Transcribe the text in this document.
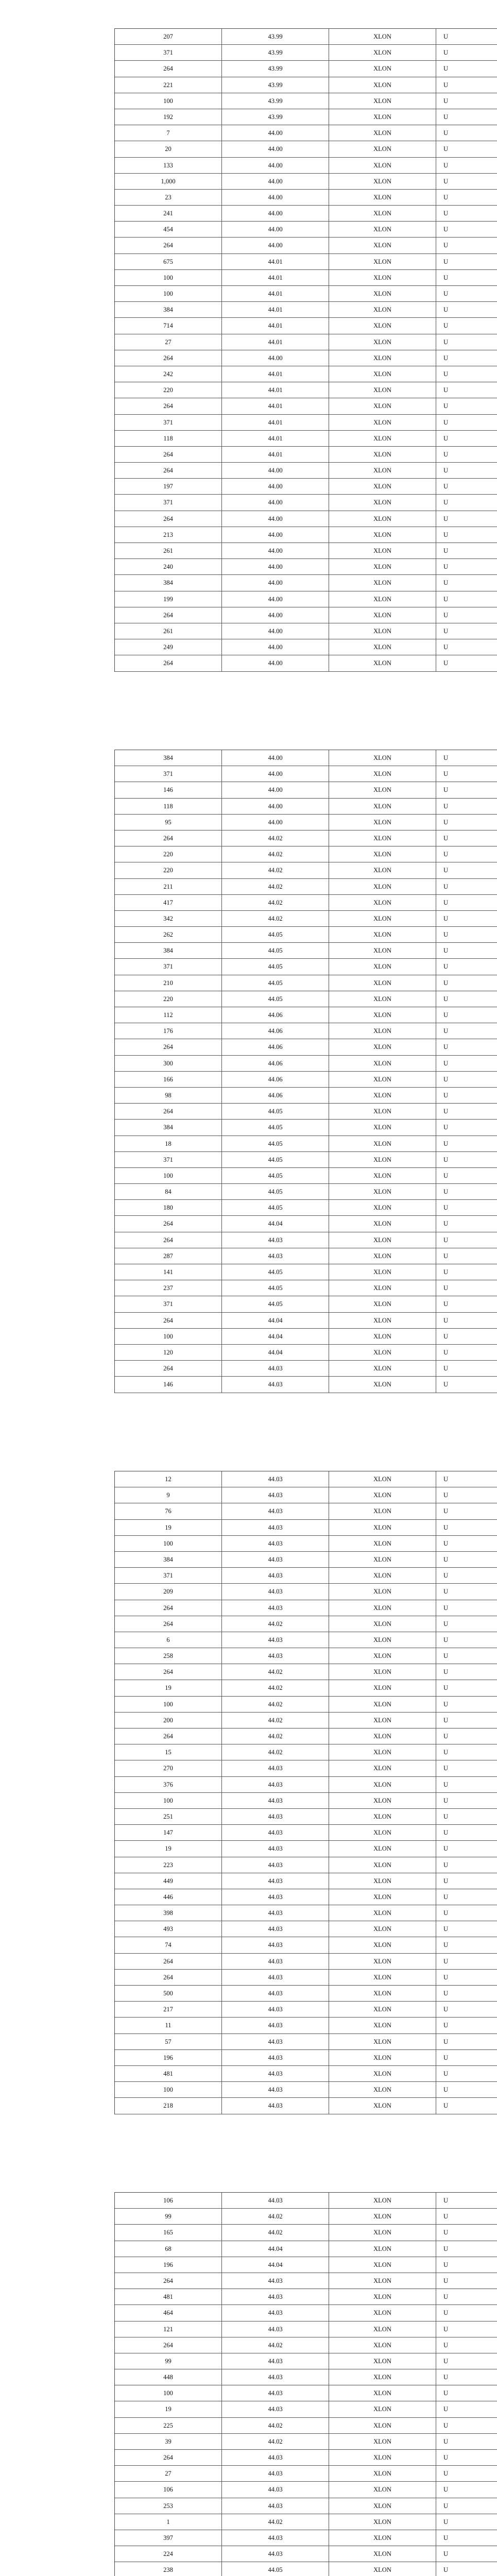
207	43.99	XLON	U
371	43.99	XLON	U
264	43.99	XLON	U
221	43.99	XLON	U
100	43.99	XLON	U
192	43.99	XLON	U
7	44.00	XLON	U
20	44.00	XLON	U
133	44.00	XLON	U
1,000	44.00	XLON	U
23	44.00	XLON	U
241	44.00	XLON	U
454	44.00	XLON	U
264	44.00	XLON	U
675	44.01	XLON	U
100	44.01	XLON	U
100	44.01	XLON	U
384	44.01	XLON	U
714	44.01	XLON	U
27	44.01	XLON	U
264	44.00	XLON	U
242	44.01	XLON	U
220	44.01	XLON	U
264	44.01	XLON	U
371	44.01	XLON	U
118	44.01	XLON	U
264	44.01	XLON	U
264	44.00	XLON	U
197	44.00	XLON	U
371	44.00	XLON	U
264	44.00	XLON	U
213	44.00	XLON	U
261	44.00	XLON	U
240	44.00	XLON	U
384	44.00	XLON	U
199	44.00	XLON	U
264	44.00	XLON	U
261	44.00	XLON	U
249	44.00	XLON	U
264	44.00	XLON	U
384	44.00	XLON	U
371	44.00	XLON	U
146	44.00	XLON	U
118	44.00	XLON	U
95	44.00	XLON	U
264	44.02	XLON	U
220	44.02	XLON	U
220	44.02	XLON	U
211	44.02	XLON	U
417	44.02	XLON	U
342	44.02	XLON	U
262	44.05	XLON	U
384	44.05	XLON	U
371	44.05	XLON	U
210	44.05	XLON	U
220	44.05	XLON	U
112	44.06	XLON	U
176	44.06	XLON	U
264	44.06	XLON	U
300	44.06	XLON	U
166	44.06	XLON	U
98	44.06	XLON	U
264	44.05	XLON	U
384	44.05	XLON	U
18	44.05	XLON	U
371	44.05	XLON	U
100	44.05	XLON	U
84	44.05	XLON	U
180	44.05	XLON	U
264	44.04	XLON	U
264	44.03	XLON	U
287	44.03	XLON	U
141	44.05	XLON	U
237	44.05	XLON	U
371	44.05	XLON	U
264	44.04	XLON	U
100	44.04	XLON	U
120	44.04	XLON	U
264	44.03	XLON	U
146	44.03	XLON	U
12	44.03	XLON	U
9	44.03	XLON	U
76	44.03	XLON	U
19	44.03	XLON	U
100	44.03	XLON	U
384	44.03	XLON	U
371	44.03	XLON	U
209	44.03	XLON	U
264	44.03	XLON	U
264	44.02	XLON	U
6	44.03	XLON	U
258	44.03	XLON	U
264	44.02	XLON	U
19	44.02	XLON	U
100	44.02	XLON	U
200	44.02	XLON	U
264	44.02	XLON	U
15	44.02	XLON	U
270	44.03	XLON	U
376	44.03	XLON	U
100	44.03	XLON	U
251	44.03	XLON	U
147	44.03	XLON	U
19	44.03	XLON	U
223	44.03	XLON	U
449	44.03	XLON	U
446	44.03	XLON	U
398	44.03	XLON	U
493	44.03	XLON	U
74	44.03	XLON	U
264	44.03	XLON	U
264	44.03	XLON	U
500	44.03	XLON	U
217	44.03	XLON	U
11	44.03	XLON	U
57	44.03	XLON	U
196	44.03	XLON	U
481	44.03	XLON	U
100	44.03	XLON	U
218	44.03	XLON	U
106	44.03	XLON	U
99	44.02	XLON	U
165	44.02	XLON	U
68	44.04	XLON	U
196	44.04	XLON	U
264	44.03	XLON	U
481	44.03	XLON	U
464	44.03	XLON	U
121	44.03	XLON	U
264	44.02	XLON	U
99	44.03	XLON	U
448	44.03	XLON	U
100	44.03	XLON	U
19	44.03	XLON	U
225	44.02	XLON	U
39	44.02	XLON	U
264	44.03	XLON	U
27	44.03	XLON	U
106	44.03	XLON	U
253	44.03	XLON	U
1	44.02	XLON	U
397	44.03	XLON	U
224	44.03	XLON	U
238	44.05	XLON	U
